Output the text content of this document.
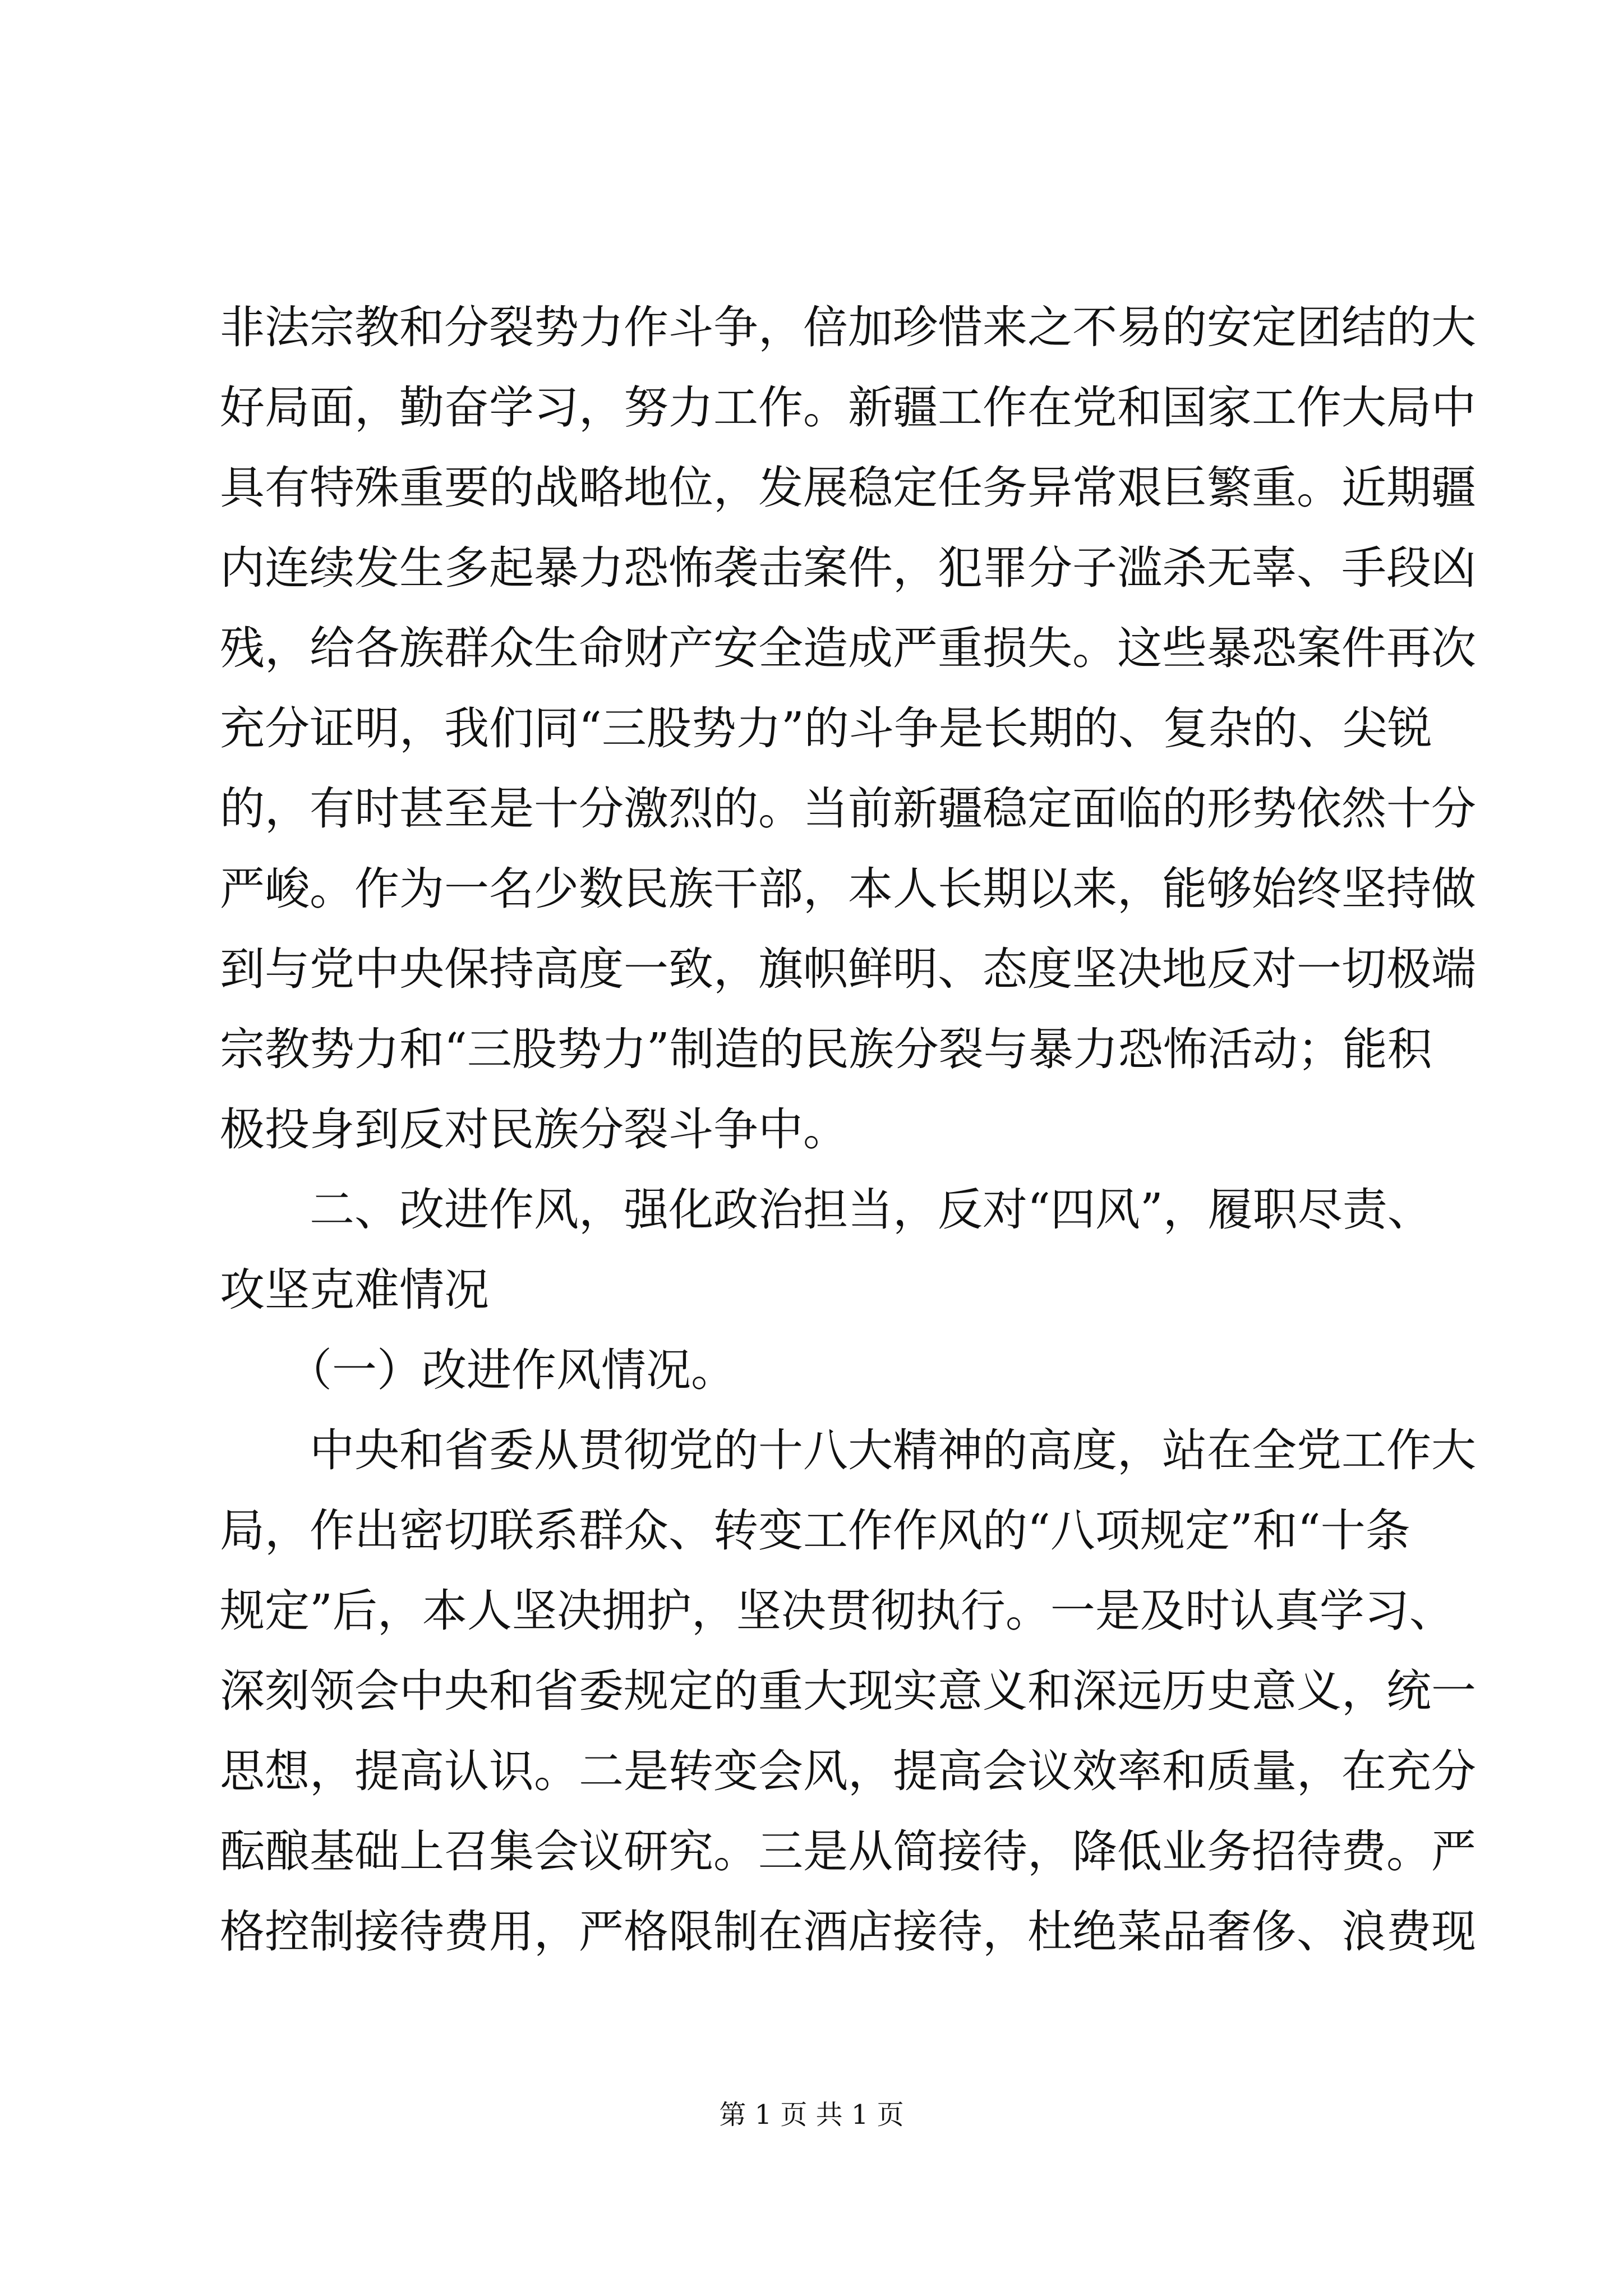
非法宗教和分裂势力作斗争，倍加珍惜来之不易的安定团结的大
好局面，勤奋学习，努力工作。新疆工作在党和国家工作大局中
具有特殊重要的战略地位，发展稳定任务异常艰巨繁重。近期疆
内连续发生多起暴力恐怖袭击案件，犯罪分子滥杀无辜、手段凶
残，给各族群众生命财产安全造成严重损失。这些暴恐案件再次
充分证明，我们同“三股势力”的斗争是长期的、复杂的、尖锐
的，有时甚至是十分激烈的。当前新疆稳定面临的形势依然十分
严峻。作为一名少数民族干部，本人长期以来，能够始终坚持做
到与党中央保持高度一致，旗帜鲜明、态度坚决地反对一切极端
宗教势力和“三股势力”制造的民族分裂与暴力恐怖活动；能积
极投身到反对民族分裂斗争中。
　　二、改进作风，强化政治担当，反对“四风”，履职尽责、
攻坚克难情况
　　（一）改进作风情况。
　　中央和省委从贯彻党的十八大精神的高度，站在全党工作大
局，作出密切联系群众、转变工作作风的“八项规定”和“十条
规定”后，本人坚决拥护，坚决贯彻执行。一是及时认真学习、
深刻领会中央和省委规定的重大现实意义和深远历史意义，统一
思想，提高认识。二是转变会风，提高会议效率和质量，在充分
酝酿基础上召集会议研究。三是从简接待，降低业务招待费。严
格控制接待费用，严格限制在酒店接待，杜绝菜品奢侈、浪费现
第 1 页 共 1 页
